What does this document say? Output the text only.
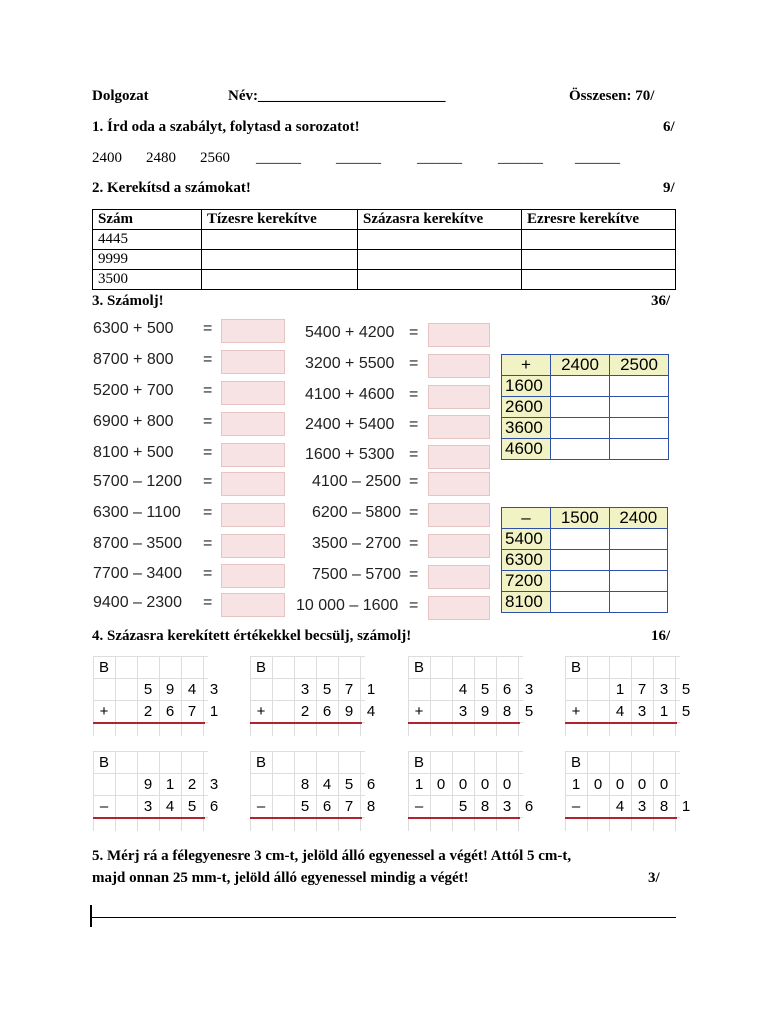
Dolgozat	Név:_________________________	Összesen: 70/
1. Írd oda a szabályt, folytasd a sorozatot!	6/
2400 2480 2560 ______ ______ ______ ______ ______
2. Kerekítsd a számokat!	9/
Szám	Tízesre kerekítve	Százasra kerekítve	Ezresre kerekítve
4445			
9999			
3500			
3. Számolj!	36/
6300 + 500 =
8700 + 800 =
5200 + 700 =
6900 + 800 =
8100 + 500 =
5700 – 1200 =
6300 – 1100 =
8700 – 3500 =
7700 – 3400 =
9400 – 2300 =
5400 + 4200 =
3200 + 5500 =
4100 + 4600 =
2400 + 5400 =
1600 + 5300 =
4100 – 2500 =
6200 – 5800 =
3500 – 2700 =
7500 – 5700 =
10 000 – 1600 =
+	2400	2500
1600		
2600		
3600		
4600		
–	1500	2400
5400		
6300		
7200		
8100		
4. Százasra kerekített értékekkel becsülj, számolj!	16/
B
5 9 4 3
+ 2 6 7 1
B
3 5 7 1
+ 2 6 9 4
B
4 5 6 3
+ 3 9 8 5
B
1 7 3 5
+ 4 3 1 5
B
9 1 2 3
– 3 4 5 6
B
8 4 5 6
– 5 6 7 8
B
1 0 0 0 0
– 5 8 3 6
B
1 0 0 0 0
– 4 3 8 1
5. Mérj rá a félegyenesre 3 cm-t, jelöld álló egyenessel a végét! Attól 5 cm-t,
majd onnan 25 mm-t, jelöld álló egyenessel mindig a végét!	3/
